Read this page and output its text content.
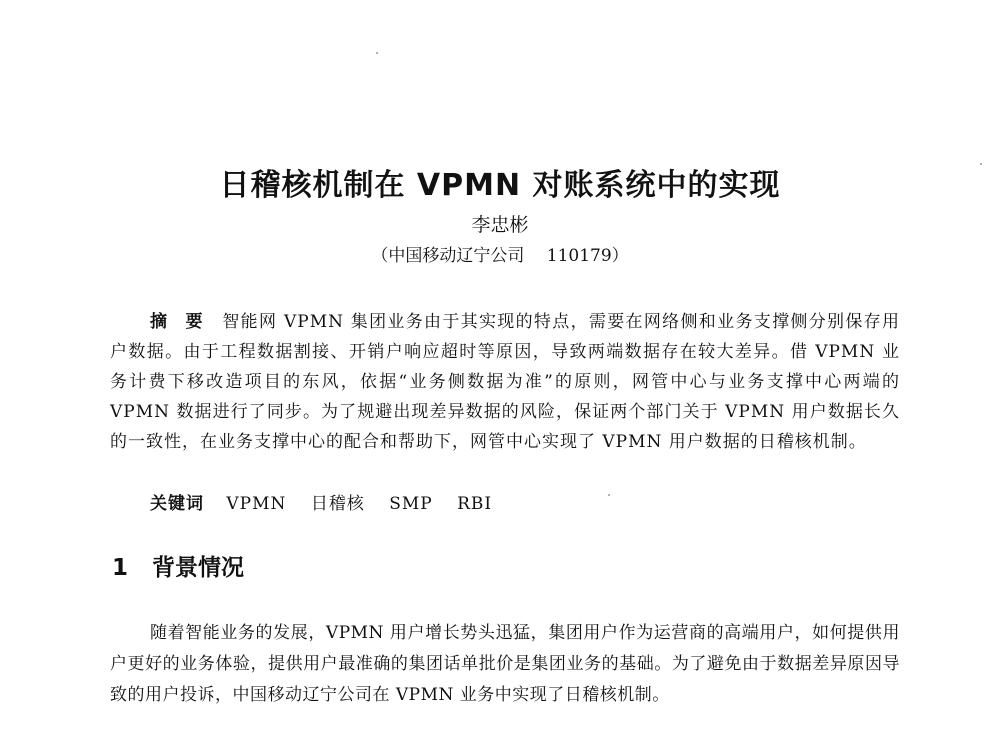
日稽核机制在 VPMN 对账系统中的实现
李忠彬
（中国移动辽宁公司　 110179）

摘 要 智能网 VPMN 集团业务由于其实现的特点，需要在网络侧和业务支撑侧分别保存用户数据。由于工程数据割接、开销户响应超时等原因，导致两端数据存在较大差异。借 VPMN 业务计费下移改造项目的东风，依据“业务侧数据为准”的原则，网管中心与业务支撑中心两端的 VPMN 数据进行了同步。为了规避出现差异数据的风险，保证两个部门关于 VPMN 用户数据长久的一致性，在业务支撑中心的配合和帮助下，网管中心实现了 VPMN 用户数据的日稽核机制。

关键词 VPMN 日稽核 SMP RBI
1 背景情况

随着智能业务的发展，VPMN 用户增长势头迅猛，集团用户作为运营商的高端用户，如何提供用户更好的业务体验，提供用户最准确的集团话单批价是集团业务的基础。为了避免由于数据差异原因导致的用户投诉，中国移动辽宁公司在 VPMN 业务中实现了日稽核机制。
